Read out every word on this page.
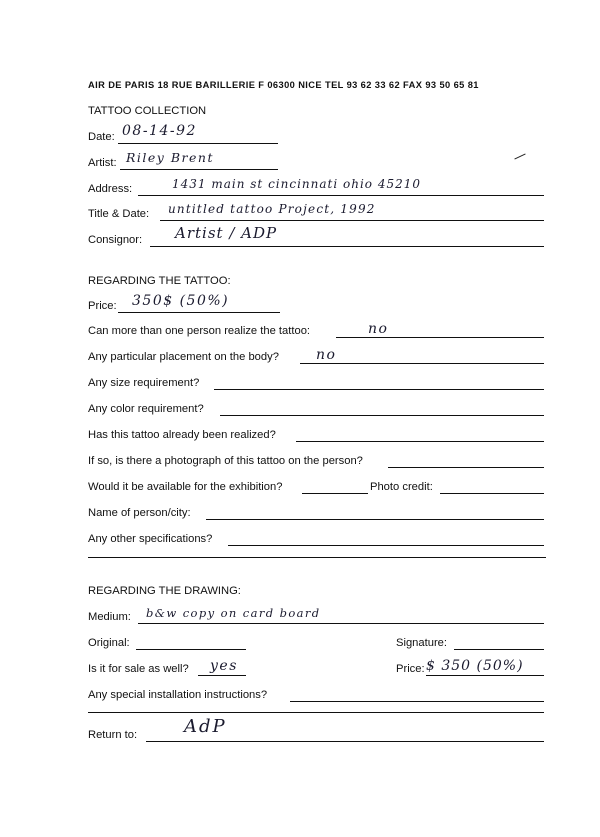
AIR DE PARIS 18 RUE BARILLERIE F 06300 NICE TEL 93 62 33 62 FAX 93 50 65 81
TATTOO COLLECTION
Date: 08-14-92
Artist: Riley Brent
Address:	1431 main st cincinnati ohio 45210
Title & Date: untitled tattoo Project, 1992
Consignor: Artist / ADP
REGARDING THE TATTOO:
Price: 350$ (50%)
Can more than one person realize the tattoo:	no
Any particular placement on the body?	no
Any size requirement?
Any color requirement?
Has this tattoo already been realized?
If so, is there a photograph of this tattoo on the person?
Would it be available for the exhibition?	Photo credit:
Name of person/city:
Any other specifications?
REGARDING THE DRAWING:
Medium: b&w copy on card board
Original:	Signature:
Is it for sale as well? yes	Price: $ 350 (50%)
Any special installation instructions?
Return to:	AdP
